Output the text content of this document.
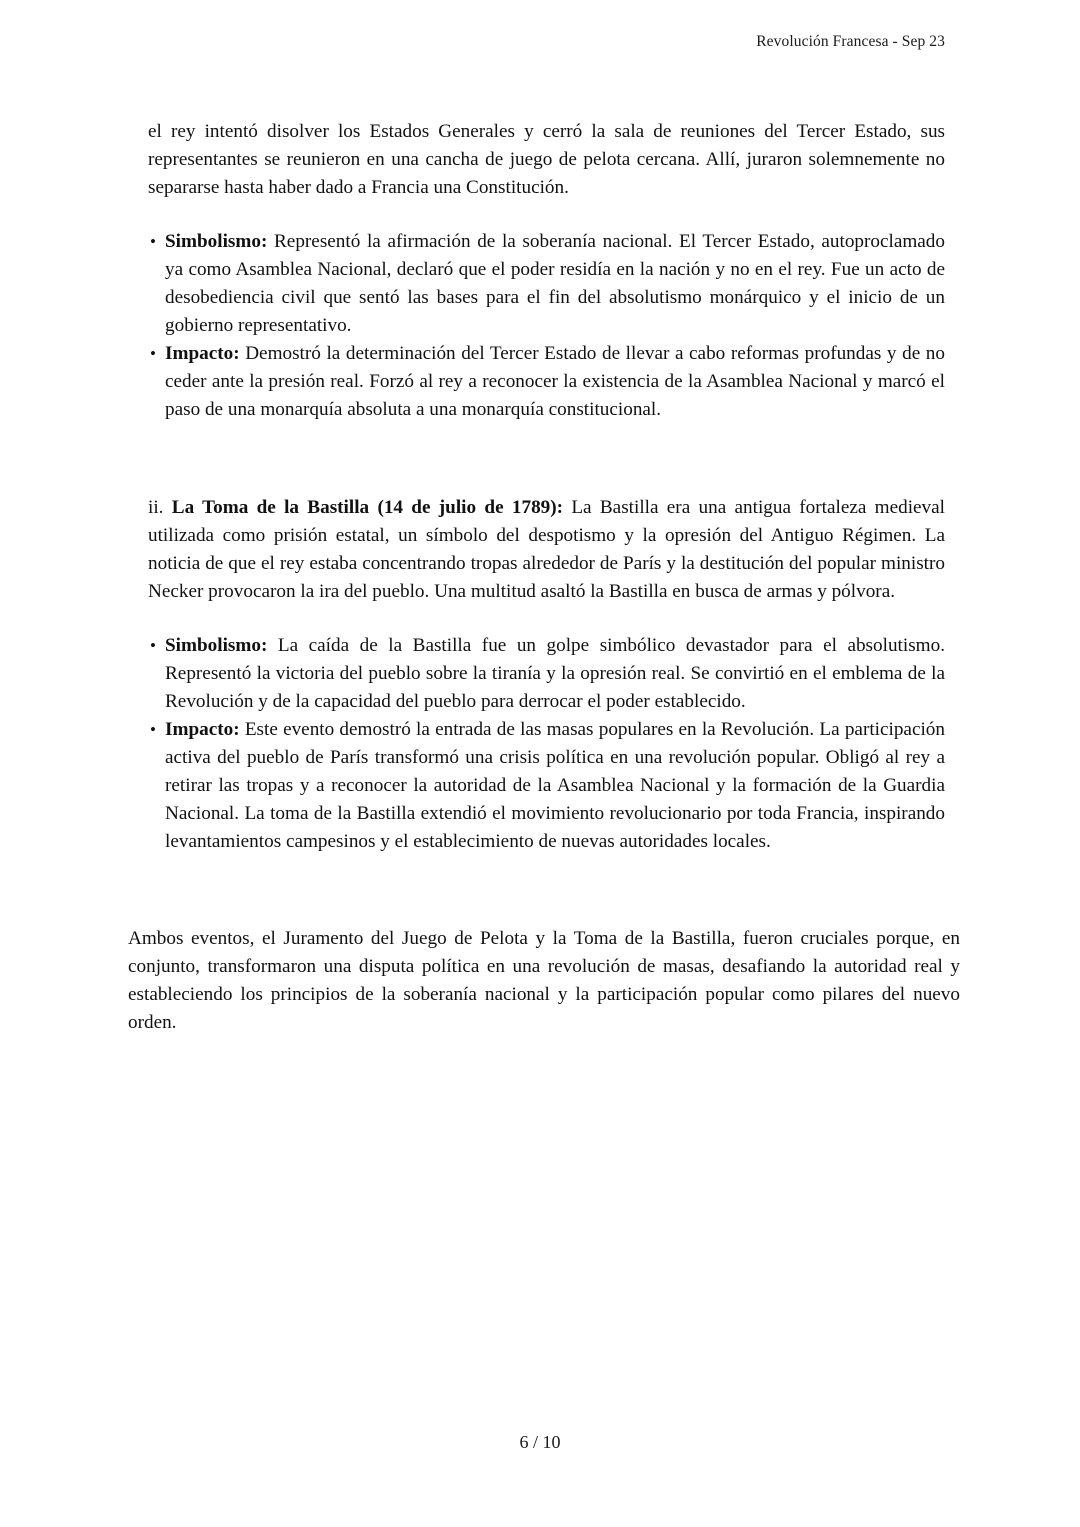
Revolución Francesa - Sep 23

el rey intentó disolver los Estados Generales y cerró la sala de reuniones del Tercer Estado, sus representantes se reunieron en una cancha de juego de pelota cercana. Allí, juraron solemnemente no separarse hasta haber dado a Francia una Constitución.

• Simbolismo: Representó la afirmación de la soberanía nacional. El Tercer Estado, autoproclamado ya como Asamblea Nacional, declaró que el poder residía en la nación y no en el rey. Fue un acto de desobediencia civil que sentó las bases para el fin del absolutismo monárquico y el inicio de un gobierno representativo.
• Impacto: Demostró la determinación del Tercer Estado de llevar a cabo reformas profundas y de no ceder ante la presión real. Forzó al rey a reconocer la existencia de la Asamblea Nacional y marcó el paso de una monarquía absoluta a una monarquía constitucional.

ii. La Toma de la Bastilla (14 de julio de 1789): La Bastilla era una antigua fortaleza medieval utilizada como prisión estatal, un símbolo del despotismo y la opresión del Antiguo Régimen. La noticia de que el rey estaba concentrando tropas alrededor de París y la destitución del popular ministro Necker provocaron la ira del pueblo. Una multitud asaltó la Bastilla en busca de armas y pólvora.

• Simbolismo: La caída de la Bastilla fue un golpe simbólico devastador para el absolutismo. Representó la victoria del pueblo sobre la tiranía y la opresión real. Se convirtió en el emblema de la Revolución y de la capacidad del pueblo para derrocar el poder establecido.
• Impacto: Este evento demostró la entrada de las masas populares en la Revolución. La participación activa del pueblo de París transformó una crisis política en una revolución popular. Obligó al rey a retirar las tropas y a reconocer la autoridad de la Asamblea Nacional y la formación de la Guardia Nacional. La toma de la Bastilla extendió el movimiento revolucionario por toda Francia, inspirando levantamientos campesinos y el establecimiento de nuevas autoridades locales.

Ambos eventos, el Juramento del Juego de Pelota y la Toma de la Bastilla, fueron cruciales porque, en conjunto, transformaron una disputa política en una revolución de masas, desafiando la autoridad real y estableciendo los principios de la soberanía nacional y la participación popular como pilares del nuevo orden.

6 / 10
